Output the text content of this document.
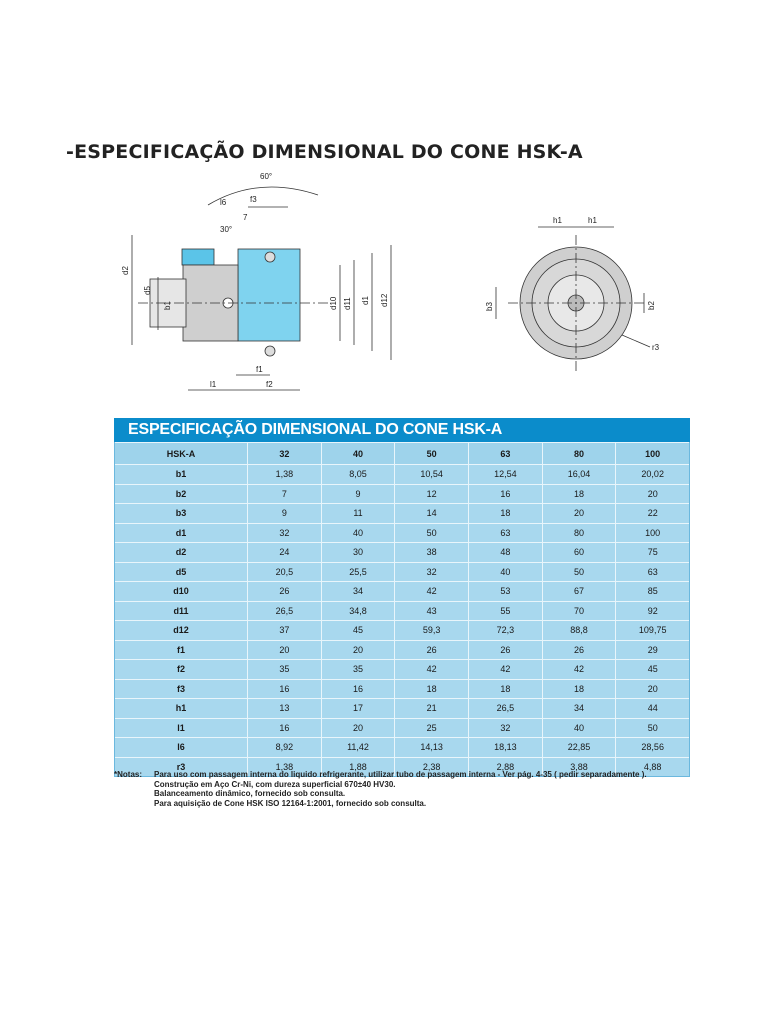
-ESPECIFICAÇÃO DIMENSIONAL DO CONE HSK-A
60°
30°
l6	f3
7
d2
d5
b1	d10 d11 d1 d12
f1
l1	f2
h1	h1
b3	b2
r3
ESPECIFICAÇÃO DIMENSIONAL DO CONE HSK-A
HSK-A	32	40	50	63	80	100
b1	1,38	8,05	10,54	12,54	16,04	20,02
b2	7	9	12	16	18	20
b3	9	11	14	18	20	22
d1	32	40	50	63	80	100
d2	24	30	38	48	60	75
d5	20,5	25,5	32	40	50	63
d10	26	34	42	53	67	85
d11	26,5	34,8	43	55	70	92
d12	37	45	59,3	72,3	88,8	109,75
f1	20	20	26	26	26	29
f2	35	35	42	42	42	45
f3	16	16	18	18	18	20
h1	13	17	21	26,5	34	44
l1	16	20	25	32	40	50
l6	8,92	11,42	14,13	18,13	22,85	28,56
r3	1,38	1,88	2,38	2,88	3,88	4,88
*Notas:	Para uso com passagem interna do liquido refrigerante, utilizar tubo de passagem interna - Ver pág. 4-35 ( pedir separadamente ).
Construção em Aço Cr-Ni, com dureza superficial 670±40 HV30.
Balanceamento dinâmico, fornecido sob consulta.
Para aquisição de Cone HSK ISO 12164-1:2001, fornecido sob consulta.
